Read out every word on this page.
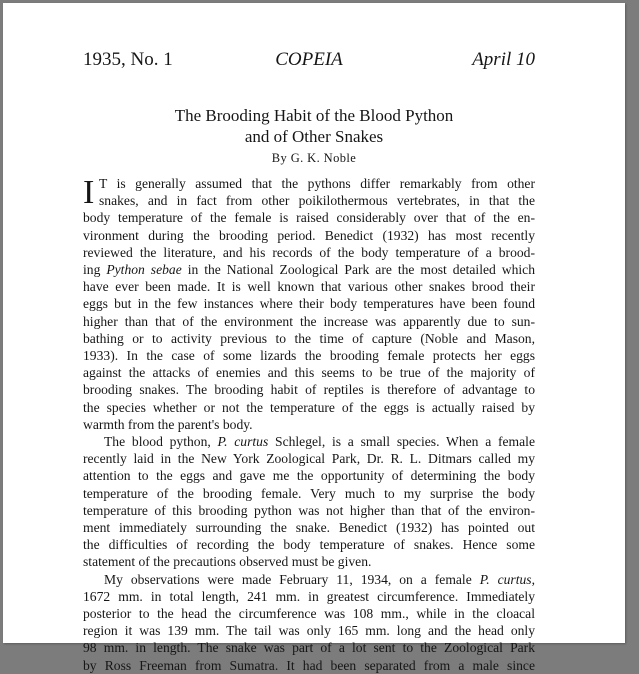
1935, No. 1	COPEIA	April 10
The Brooding Habit of the Blood Python
and of Other Snakes
By G. K. Noble
I T is generally assumed that the pythons differ remarkably from other
snakes, and in fact from other poikilothermous vertebrates, in that the
body temperature of the female is raised considerably over that of the en-
vironment during the brooding period. Benedict (1932) has most recently
reviewed the literature, and his records of the body temperature of a brood-
ing Python sebae in the National Zoological Park are the most detailed which
have ever been made. It is well known that various other snakes brood their
eggs but in the few instances where their body temperatures have been found
higher than that of the environment the increase was apparently due to sun-
bathing or to activity previous to the time of capture (Noble and Mason,
1933). In the case of some lizards the brooding female protects her eggs
against the attacks of enemies and this seems to be true of the majority of
brooding snakes. The brooding habit of reptiles is therefore of advantage to
the species whether or not the temperature of the eggs is actually raised by
warmth from the parent's body.
The blood python, P. curtus Schlegel, is a small species. When a female
recently laid in the New York Zoological Park, Dr. R. L. Ditmars called my
attention to the eggs and gave me the opportunity of determining the body
temperature of the brooding female. Very much to my surprise the body
temperature of this brooding python was not higher than that of the environ-
ment immediately surrounding the snake. Benedict (1932) has pointed out
the difficulties of recording the body temperature of snakes. Hence some
statement of the precautions observed must be given.
My observations were made February 11, 1934, on a female P. curtus,
1672 mm. in total length, 241 mm. in greatest circumference. Immediately
posterior to the head the circumference was 108 mm., while in the cloacal
region it was 139 mm. The tail was only 165 mm. long and the head only
98 mm. in length. The snake was part of a lot sent to the Zoological Park
by Ross Freeman from Sumatra. It had been separated from a male since
